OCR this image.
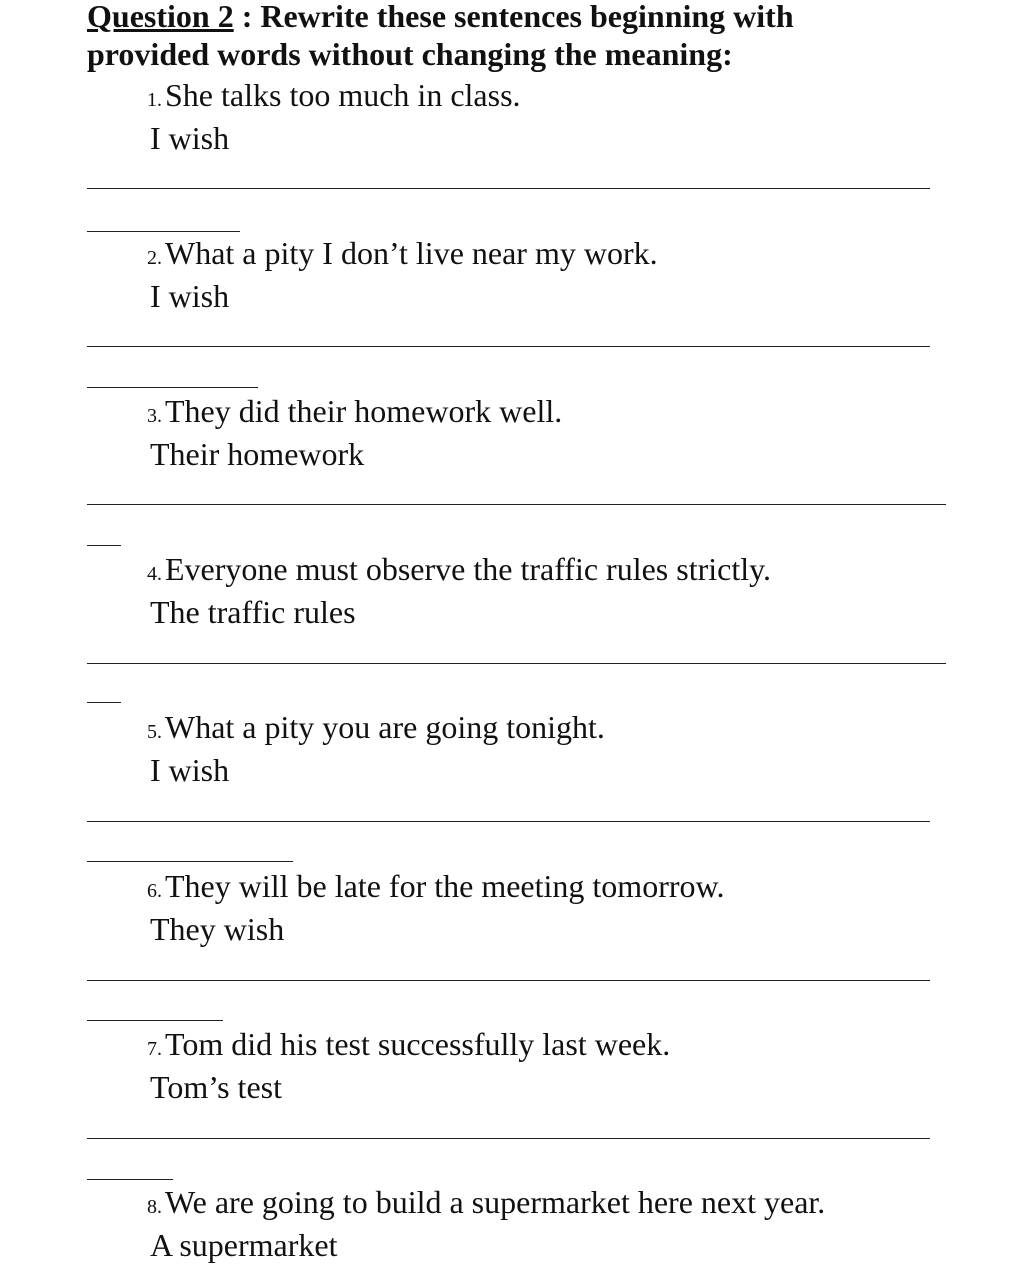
Question 2 : Rewrite these sentences beginning with
provided words without changing the meaning:
1.She talks too much in class.
I wish
2.What a pity I don’t live near my work.
I wish
3.They did their homework well.
Their homework
4.Everyone must observe the traffic rules strictly.
The traffic rules
5.What a pity you are going tonight.
I wish
6.They will be late for the meeting tomorrow.
They wish
7.Tom did his test successfully last week.
Tom’s test
8.We are going to build a supermarket here next year.
A supermarket
